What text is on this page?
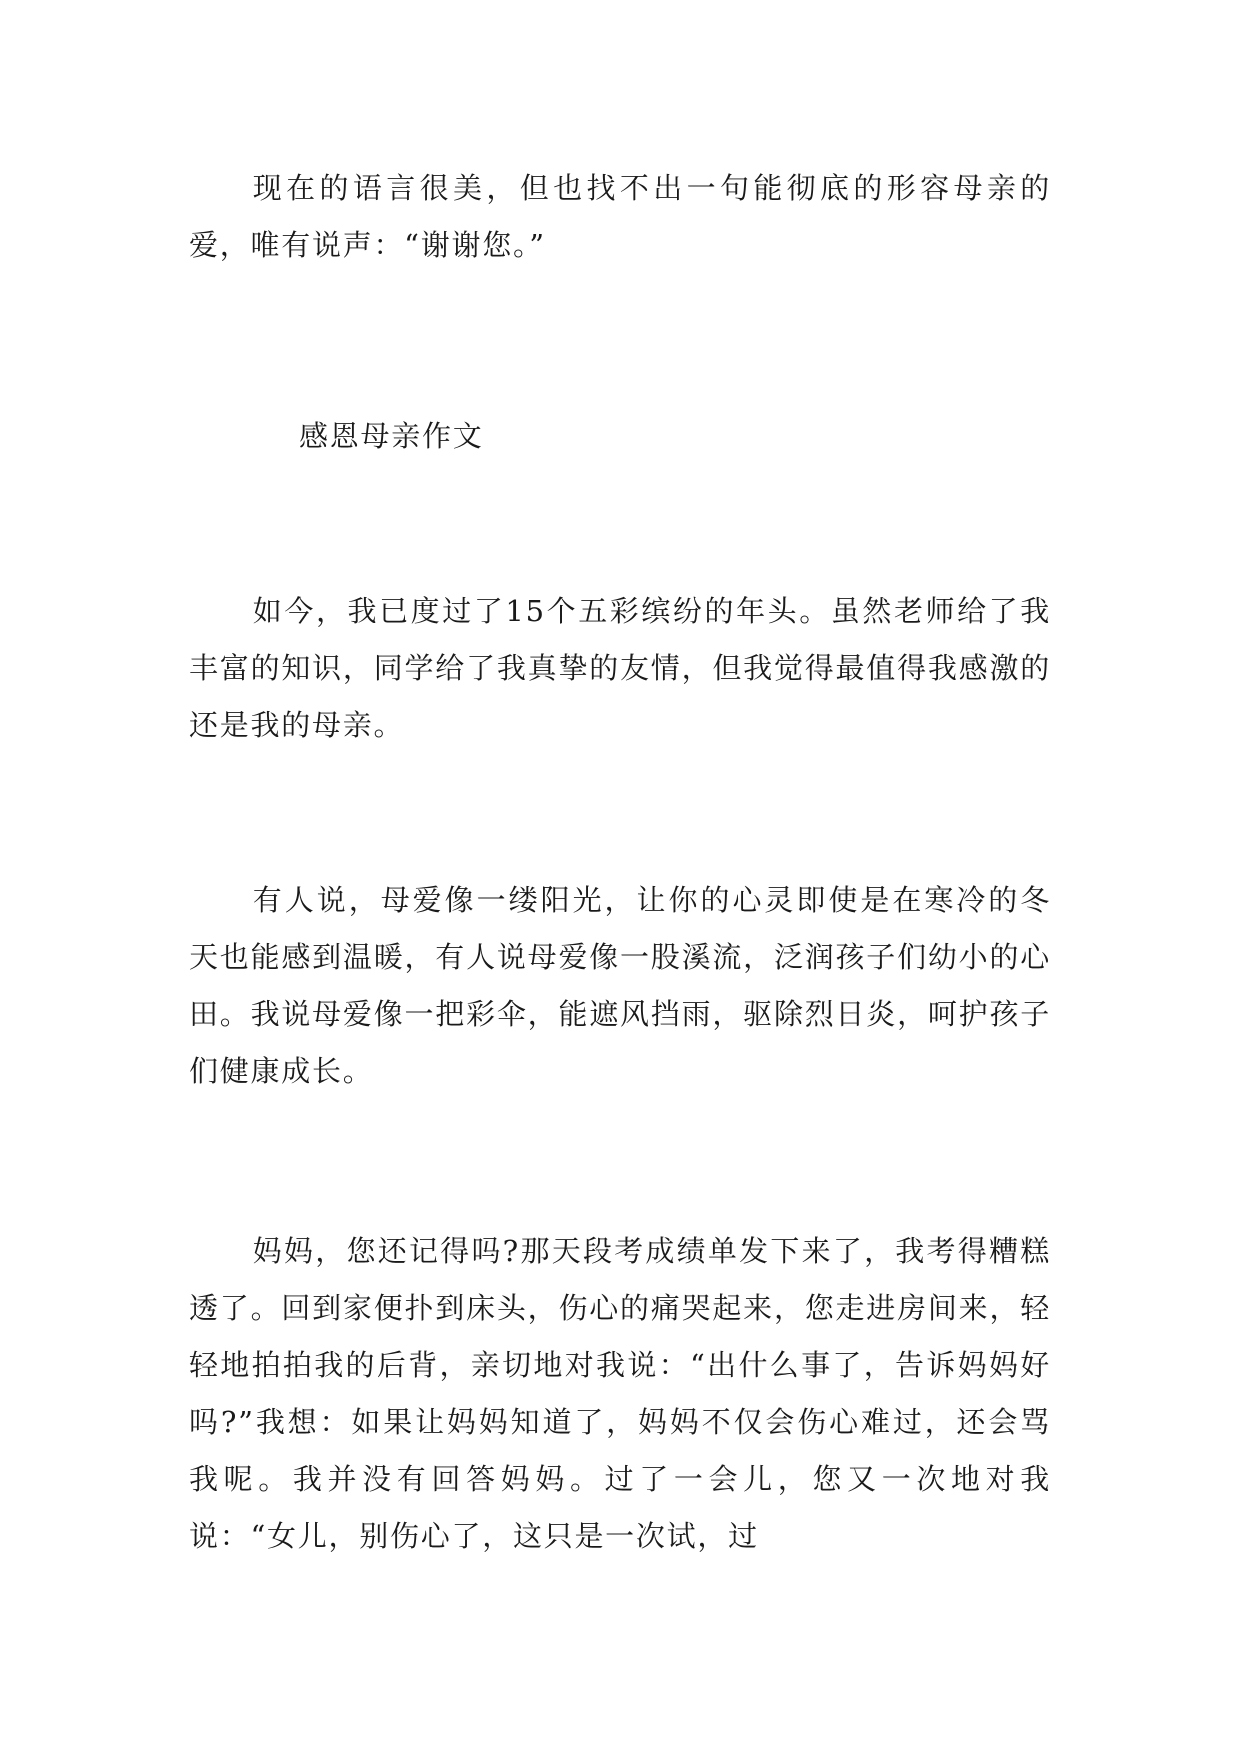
现在的语言很美，但也找不出一句能彻底的形容母亲的爱，唯有说声：“谢谢您。”

感恩母亲作文

如今，我已度过了15个五彩缤纷的年头。虽然老师给了我丰富的知识，同学给了我真挚的友情，但我觉得最值得我感激的还是我的母亲。

有人说，母爱像一缕阳光，让你的心灵即使是在寒冷的冬天也能感到温暖，有人说母爱像一股溪流，泛润孩子们幼小的心田。我说母爱像一把彩伞，能遮风挡雨，驱除烈日炎，呵护孩子们健康成长。

妈妈，您还记得吗?那天段考成绩单发下来了，我考得糟糕透了。回到家便扑到床头，伤心的痛哭起来，您走进房间来，轻轻地拍拍我的后背，亲切地对我说：“出什么事了，告诉妈妈好吗?”我想：如果让妈妈知道了，妈妈不仅会伤心难过，还会骂我呢。我并没有回答妈妈。过了一会儿，您又一次地对我说：“女儿，别伤心了，这只是一次试，过
